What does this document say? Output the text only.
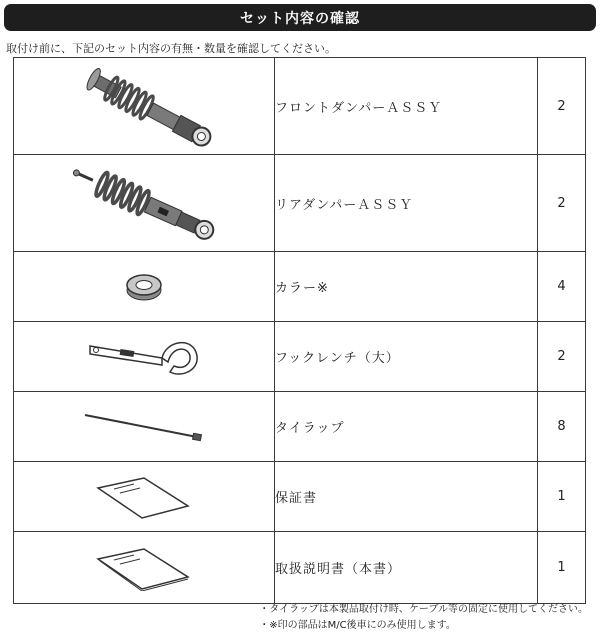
セット内容の確認
取付け前に、下記のセット内容の有無・数量を確認してください。
	フロントダンパーＡＳＳＹ	2

	リアダンパーＡＳＳＹ	2

	カラー※	4

	フックレンチ（大）	2

	タイラップ	8

	保証書	1

	取扱説明書（本書）	1
・タイラップは本製品取付け時、ケーブル等の固定に使用してください。
・※印の部品はM/C後車にのみ使用します。
